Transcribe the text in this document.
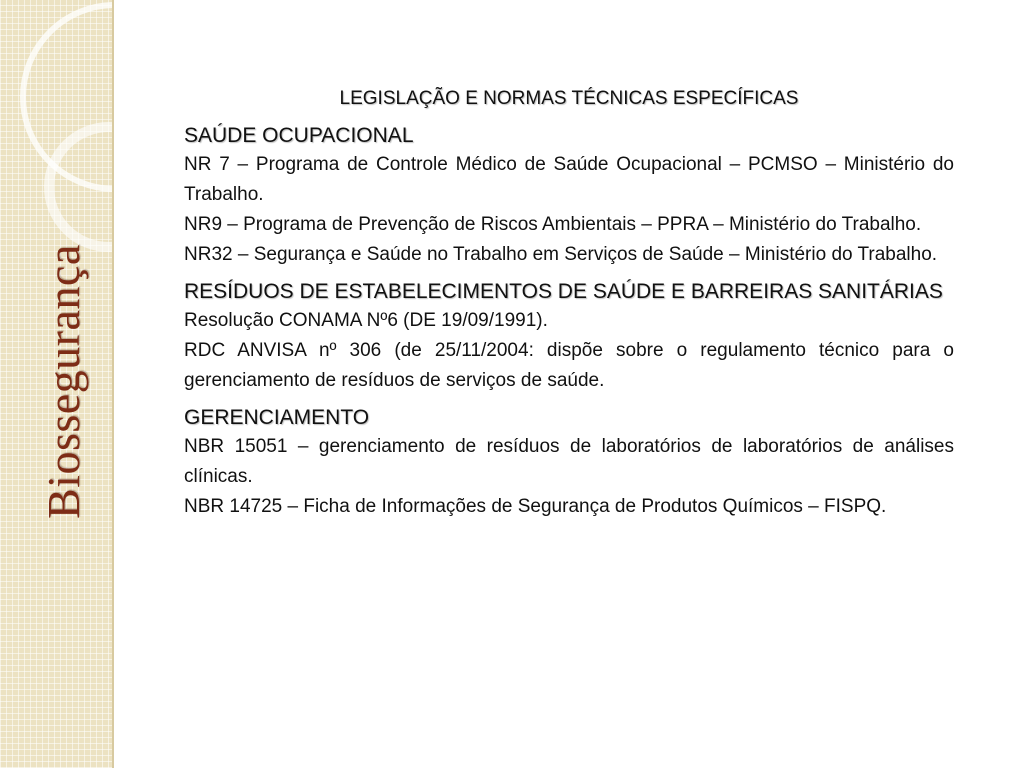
Biossegurança
LEGISLAÇÃO E NORMAS TÉCNICAS ESPECÍFICAS
SAÚDE OCUPACIONAL
NR 7 – Programa de Controle Médico de Saúde Ocupacional – PCMSO – Ministério do Trabalho.
NR9 – Programa de Prevenção de Riscos Ambientais – PPRA – Ministério do Trabalho.
NR32 – Segurança e Saúde no Trabalho em Serviços de Saúde – Ministério do Trabalho.
RESÍDUOS DE ESTABELECIMENTOS DE SAÚDE E BARREIRAS SANITÁRIAS
Resolução CONAMA Nº6 (DE 19/09/1991).
RDC ANVISA nº 306 (de 25/11/2004: dispõe sobre o regulamento técnico para o gerenciamento de resíduos de serviços de saúde.
GERENCIAMENTO
NBR 15051 – gerenciamento de resíduos de laboratórios de laboratórios de análises clínicas.
NBR 14725 – Ficha de Informações de Segurança de Produtos Químicos – FISPQ.
